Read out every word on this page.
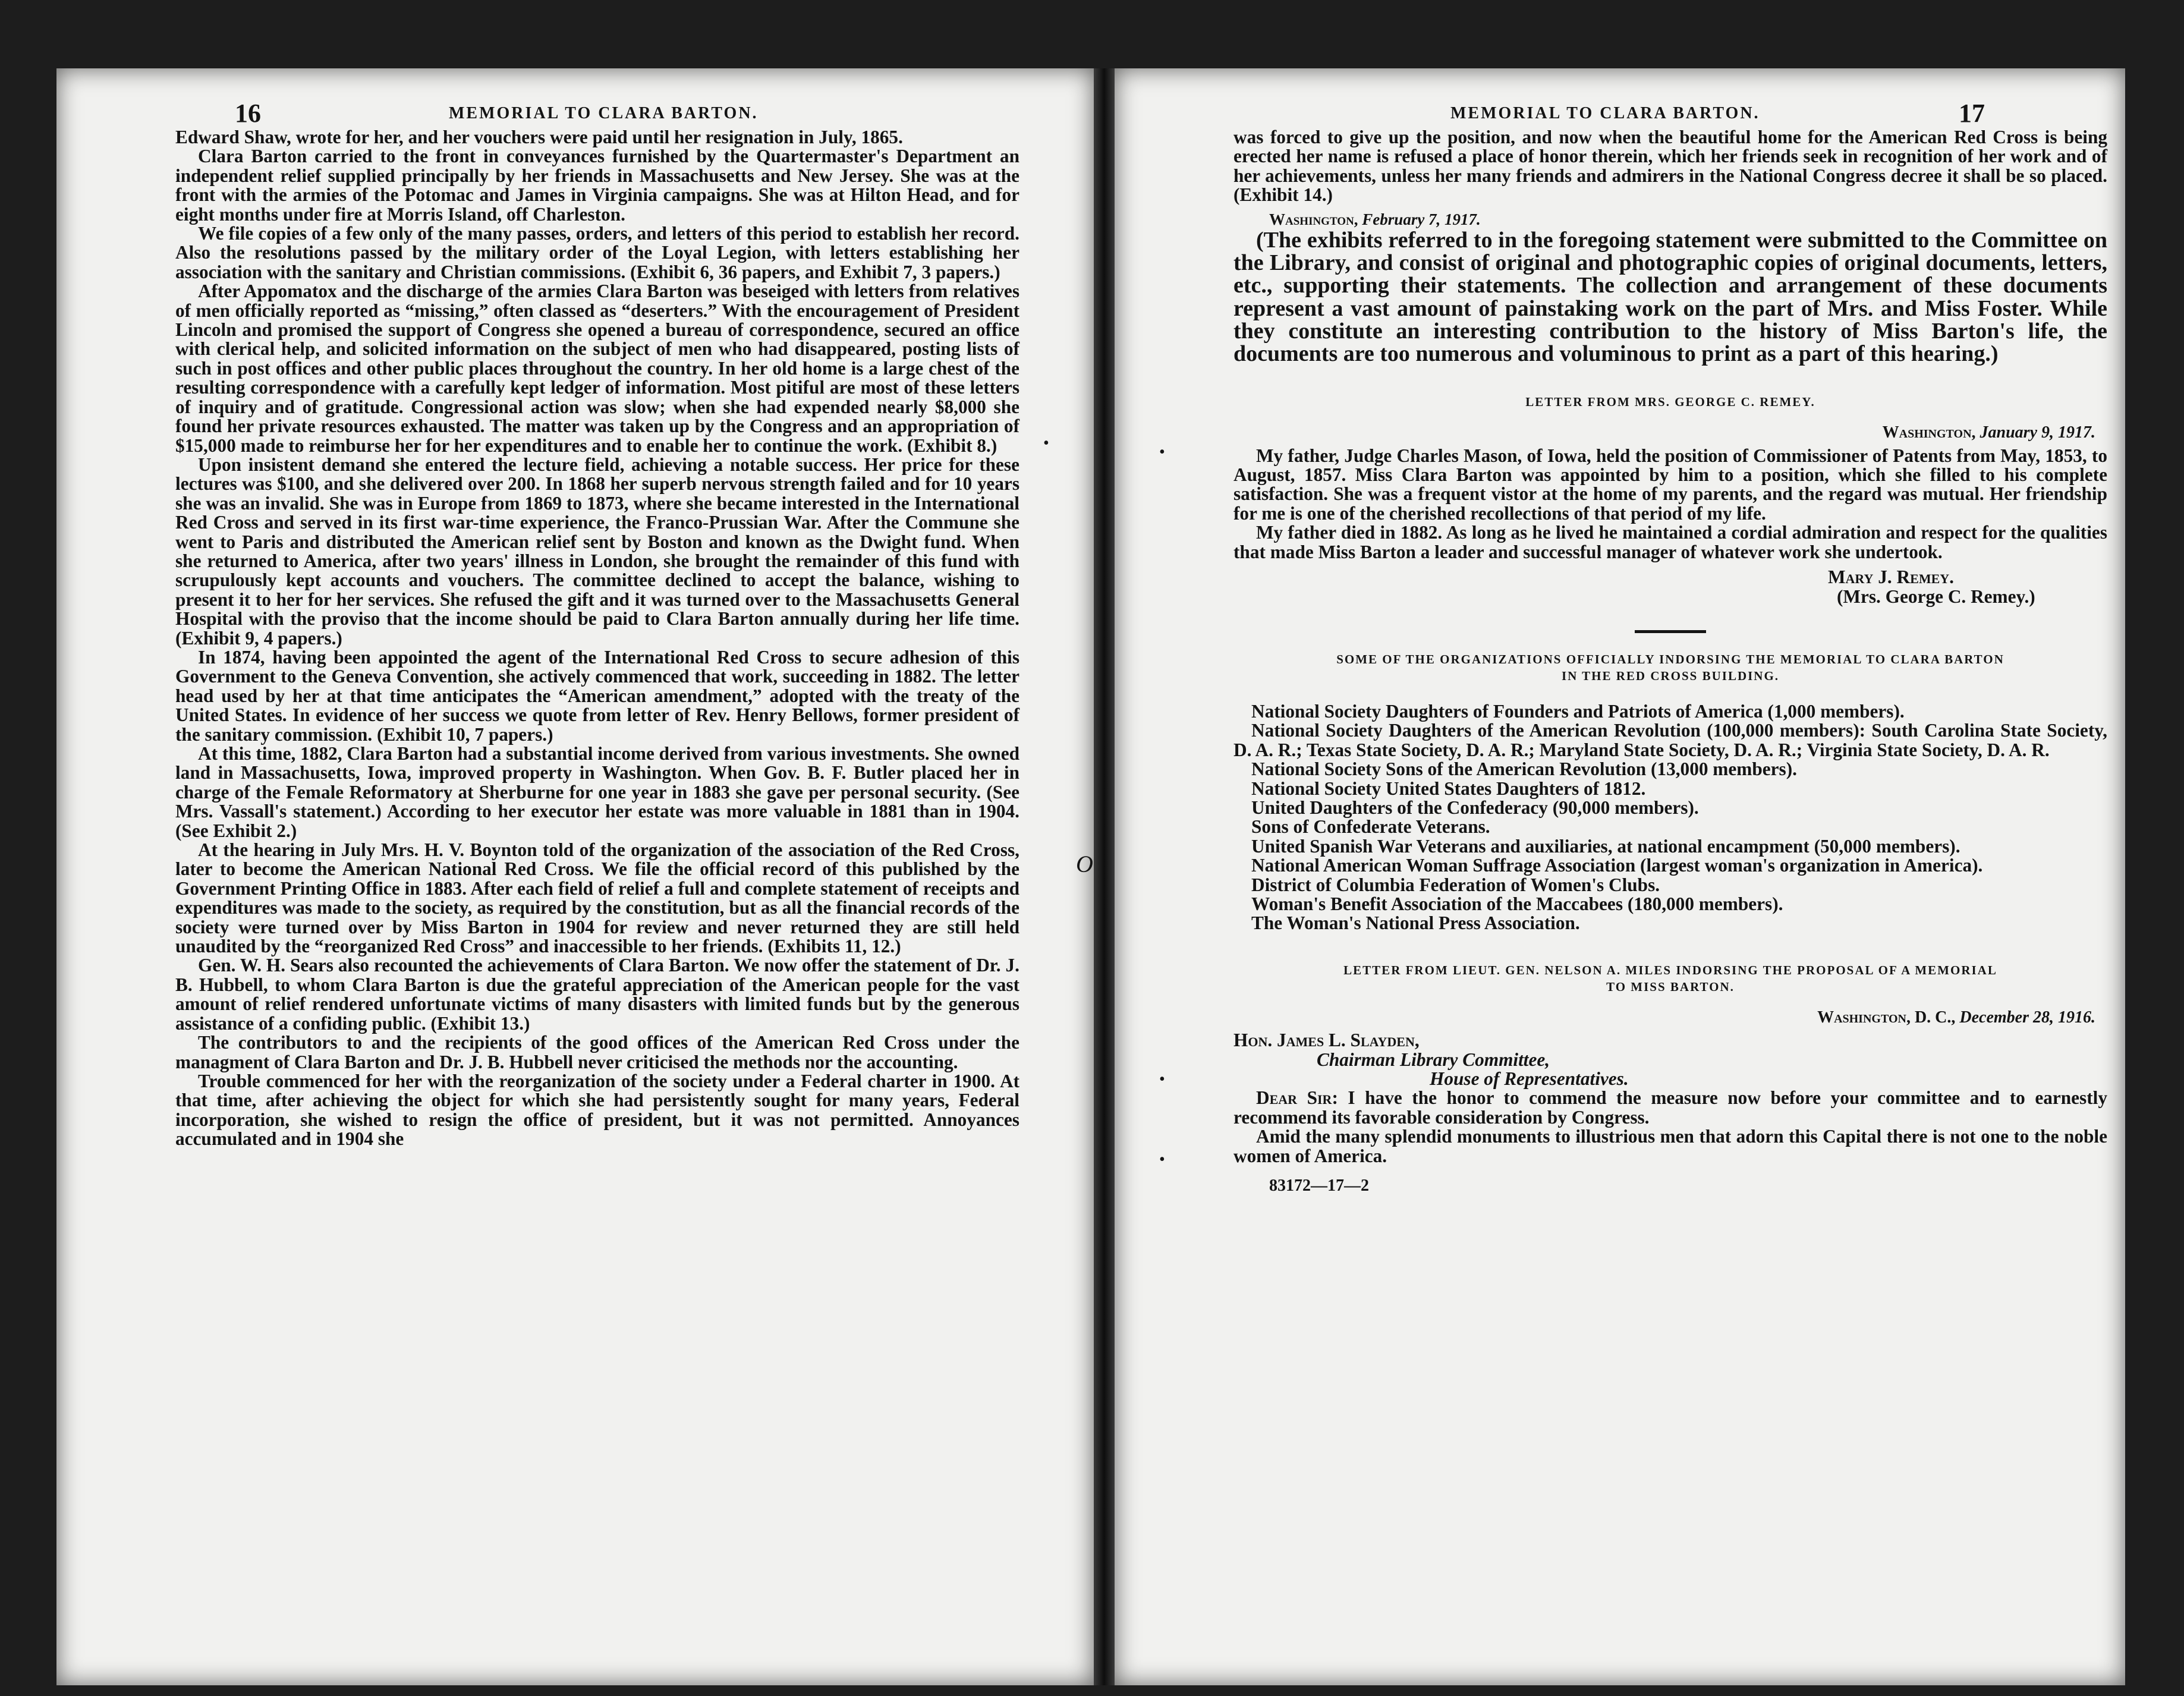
O
16	MEMORIAL TO CLARA BARTON.

Edward Shaw, wrote for her, and her vouchers were paid until her resignation in July, 1865.

Clara Barton carried to the front in conveyances furnished by the Quartermaster's Department an independent relief supplied principally by her friends in Massachusetts and New Jersey. She was at the front with the armies of the Potomac and James in Virginia campaigns. She was at Hilton Head, and for eight months under fire at Morris Island, off Charleston.

We file copies of a few only of the many passes, orders, and letters of this period to establish her record. Also the resolutions passed by the military order of the Loyal Legion, with letters establishing her association with the sanitary and Christian commissions. (Exhibit 6, 36 papers, and Exhibit 7, 3 papers.)

After Appomatox and the discharge of the armies Clara Barton was beseiged with letters from relatives of men officially reported as “missing,” often classed as “deserters.” With the encouragement of President Lincoln and promised the support of Congress she opened a bureau of correspondence, secured an office with clerical help, and solicited information on the subject of men who had disappeared, posting lists of such in post offices and other public places throughout the country. In her old home is a large chest of the resulting correspondence with a carefully kept ledger of information. Most pitiful are most of these letters of inquiry and of gratitude. Congressional action was slow; when she had expended nearly $8,000 she found her private resources exhausted. The matter was taken up by the Congress and an appropriation of $15,000 made to reimburse her for her expenditures and to enable her to continue the work. (Exhibit 8.)

Upon insistent demand she entered the lecture field, achieving a notable success. Her price for these lectures was $100, and she delivered over 200. In 1868 her superb nervous strength failed and for 10 years she was an invalid. She was in Europe from 1869 to 1873, where she became interested in the International Red Cross and served in its first war-time experience, the Franco-Prussian War. After the Commune she went to Paris and distributed the American relief sent by Boston and known as the Dwight fund. When she returned to America, after two years' illness in London, she brought the remainder of this fund with scrupulously kept accounts and vouchers. The committee declined to accept the balance, wishing to present it to her for her services. She refused the gift and it was turned over to the Massachusetts General Hospital with the proviso that the income should be paid to Clara Barton annually during her life time. (Exhibit 9, 4 papers.)

In 1874, having been appointed the agent of the International Red Cross to secure adhesion of this Government to the Geneva Convention, she actively commenced that work, succeeding in 1882. The letter head used by her at that time anticipates the “American amendment,” adopted with the treaty of the United States. In evidence of her success we quote from letter of Rev. Henry Bellows, former president of the sanitary commission. (Exhibit 10, 7 papers.)

At this time, 1882, Clara Barton had a substantial income derived from various investments. She owned land in Massachusetts, Iowa, improved property in Washington. When Gov. B. F. Butler placed her in charge of the Female Reformatory at Sherburne for one year in 1883 she gave per personal security. (See Mrs. Vassall's statement.) According to her executor her estate was more valuable in 1881 than in 1904. (See Exhibit 2.)

At the hearing in July Mrs. H. V. Boynton told of the organization of the association of the Red Cross, later to become the American National Red Cross. We file the official record of this published by the Government Printing Office in 1883. After each field of relief a full and complete statement of receipts and expenditures was made to the society, as required by the constitution, but as all the financial records of the society were turned over by Miss Barton in 1904 for review and never returned they are still held unaudited by the “reorganized Red Cross” and inaccessible to her friends. (Exhibits 11, 12.)

Gen. W. H. Sears also recounted the achievements of Clara Barton. We now offer the statement of Dr. J. B. Hubbell, to whom Clara Barton is due the grateful appreciation of the American people for the vast amount of relief rendered unfortunate victims of many disasters with limited funds but by the generous assistance of a confiding public. (Exhibit 13.)

The contributors to and the recipients of the good offices of the American Red Cross under the managment of Clara Barton and Dr. J. B. Hubbell never criticised the methods nor the accounting.

Trouble commenced for her with the reorganization of the society under a Federal charter in 1900. At that time, after achieving the object for which she had persistently sought for many years, Federal incorporation, she wished to resign the office of president, but it was not permitted. Annoyances accumulated and in 1904 she

MEMORIAL TO CLARA BARTON.	17

was forced to give up the position, and now when the beautiful home for the American Red Cross is being erected her name is refused a place of honor therein, which her friends seek in recognition of her work and of her achievements, unless her many friends and admirers in the National Congress decree it shall be so placed. (Exhibit 14.)

Washington, February 7, 1917.

(The exhibits referred to in the foregoing statement were submitted to the Committee on the Library, and consist of original and photographic copies of original documents, letters, etc., supporting their statements. The collection and arrangement of these documents represent a vast amount of painstaking work on the part of Mrs. and Miss Foster. While they constitute an interesting contribution to the history of Miss Barton's life, the documents are too numerous and voluminous to print as a part of this hearing.)

LETTER FROM MRS. GEORGE C. REMEY.
Washington, January 9, 1917.

My father, Judge Charles Mason, of Iowa, held the position of Commissioner of Patents from May, 1853, to August, 1857. Miss Clara Barton was appointed by him to a position, which she filled to his complete satisfaction. She was a frequent vistor at the home of my parents, and the regard was mutual. Her friendship for me is one of the cherished recollections of that period of my life.

My father died in 1882. As long as he lived he maintained a cordial admiration and respect for the qualities that made Miss Barton a leader and successful manager of whatever work she undertook.

Mary J. Remey.
(Mrs. George C. Remey.)
SOME OF THE ORGANIZATIONS OFFICIALLY INDORSING THE MEMORIAL TO CLARA BARTON
IN THE RED CROSS BUILDING.

National Society Daughters of Founders and Patriots of America (1,000 members).

National Society Daughters of the American Revolution (100,000 members): South Carolina State Society, D. A. R.; Texas State Society, D. A. R.; Maryland State Society, D. A. R.; Virginia State Society, D. A. R.

National Society Sons of the American Revolution (13,000 members).

National Society United States Daughters of 1812.

United Daughters of the Confederacy (90,000 members).

Sons of Confederate Veterans.

United Spanish War Veterans and auxiliaries, at national encampment (50,000 members).

National American Woman Suffrage Association (largest woman's organization in America).

District of Columbia Federation of Women's Clubs.

Woman's Benefit Association of the Maccabees (180,000 members).

The Woman's National Press Association.

LETTER FROM LIEUT. GEN. NELSON A. MILES INDORSING THE PROPOSAL OF A MEMORIAL
TO MISS BARTON.
Washington, D. C., December 28, 1916.
Hon. James L. Slayden,
Chairman Library Committee,
House of Representatives.

Dear Sir: I have the honor to commend the measure now before your committee and to earnestly recommend its favorable consideration by Congress.

Amid the many splendid monuments to illustrious men that adorn this Capital there is not one to the noble women of America.

83172—17—2
•	•
•
•
